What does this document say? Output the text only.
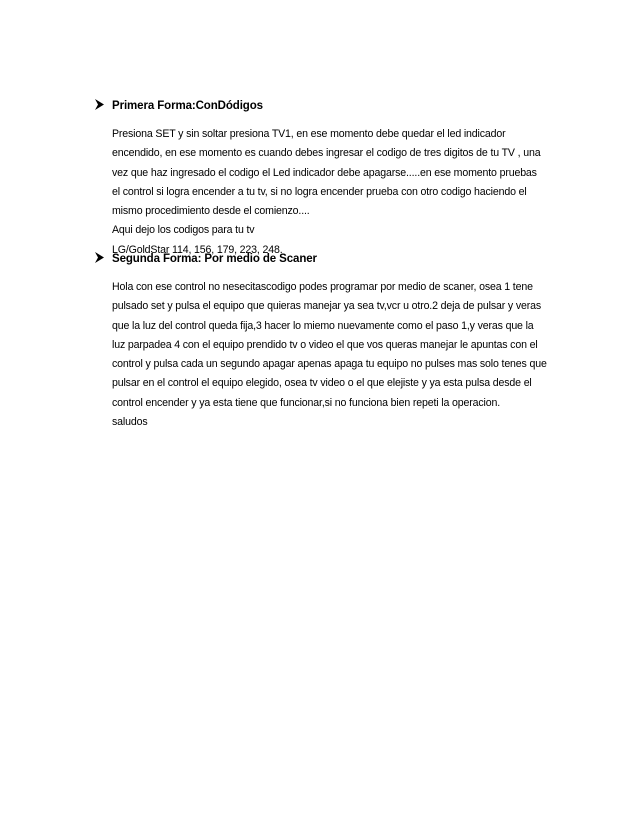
Primera Forma:ConDódigos
Presiona SET y sin soltar presiona TV1, en ese momento debe quedar el led indicador
encendido, en ese momento es cuando debes ingresar el codigo de tres digitos de tu TV , una
vez que haz ingresado el codigo el Led indicador debe apagarse.....en ese momento pruebas
el control si logra encender a tu tv, si no logra encender prueba con otro codigo haciendo el
mismo procedimiento desde el comienzo....
Aqui dejo los codigos para tu tv
LG/GoldStar 114, 156, 179, 223, 248.
Segunda Forma: Por medio de Scaner
Hola con ese control no nesecitascodigo podes programar por medio de scaner, osea 1 tene
pulsado set y pulsa el equipo que quieras manejar ya sea tv,vcr u otro.2 deja de pulsar y veras
que la luz del control queda fija,3 hacer lo miemo nuevamente como el paso 1,y veras que la
luz parpadea 4 con el equipo prendido tv o video el que vos queras manejar le apuntas con el
control y pulsa cada un segundo apagar apenas apaga tu equipo no pulses mas solo tenes que
pulsar en el control el equipo elegido, osea tv video o el que elejiste y ya esta pulsa desde el
control encender y ya esta tiene que funcionar,si no funciona bien repeti la operacion.
saludos
